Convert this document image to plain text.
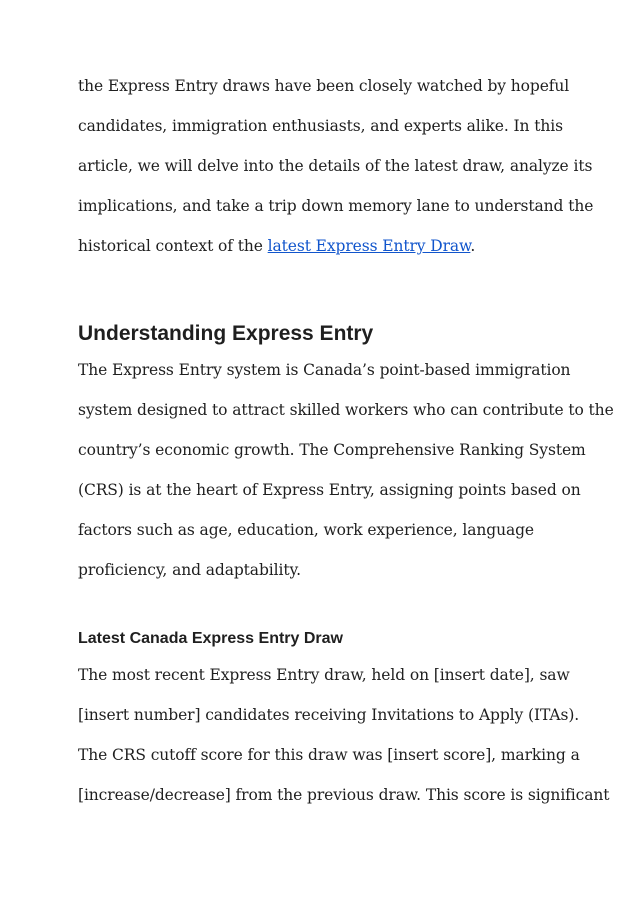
the Express Entry draws have been closely watched by hopeful
candidates, immigration enthusiasts, and experts alike. In this
article, we will delve into the details of the latest draw, analyze its
implications, and take a trip down memory lane to understand the
historical context of the latest Express Entry Draw.
Understanding Express Entry
The Express Entry system is Canada’s point-based immigration
system designed to attract skilled workers who can contribute to the
country’s economic growth. The Comprehensive Ranking System
(CRS) is at the heart of Express Entry, assigning points based on
factors such as age, education, work experience, language
proficiency, and adaptability.
Latest Canada Express Entry Draw
The most recent Express Entry draw, held on [insert date], saw
[insert number] candidates receiving Invitations to Apply (ITAs).
The CRS cutoff score for this draw was [insert score], marking a
[increase/decrease] from the previous draw. This score is significant
